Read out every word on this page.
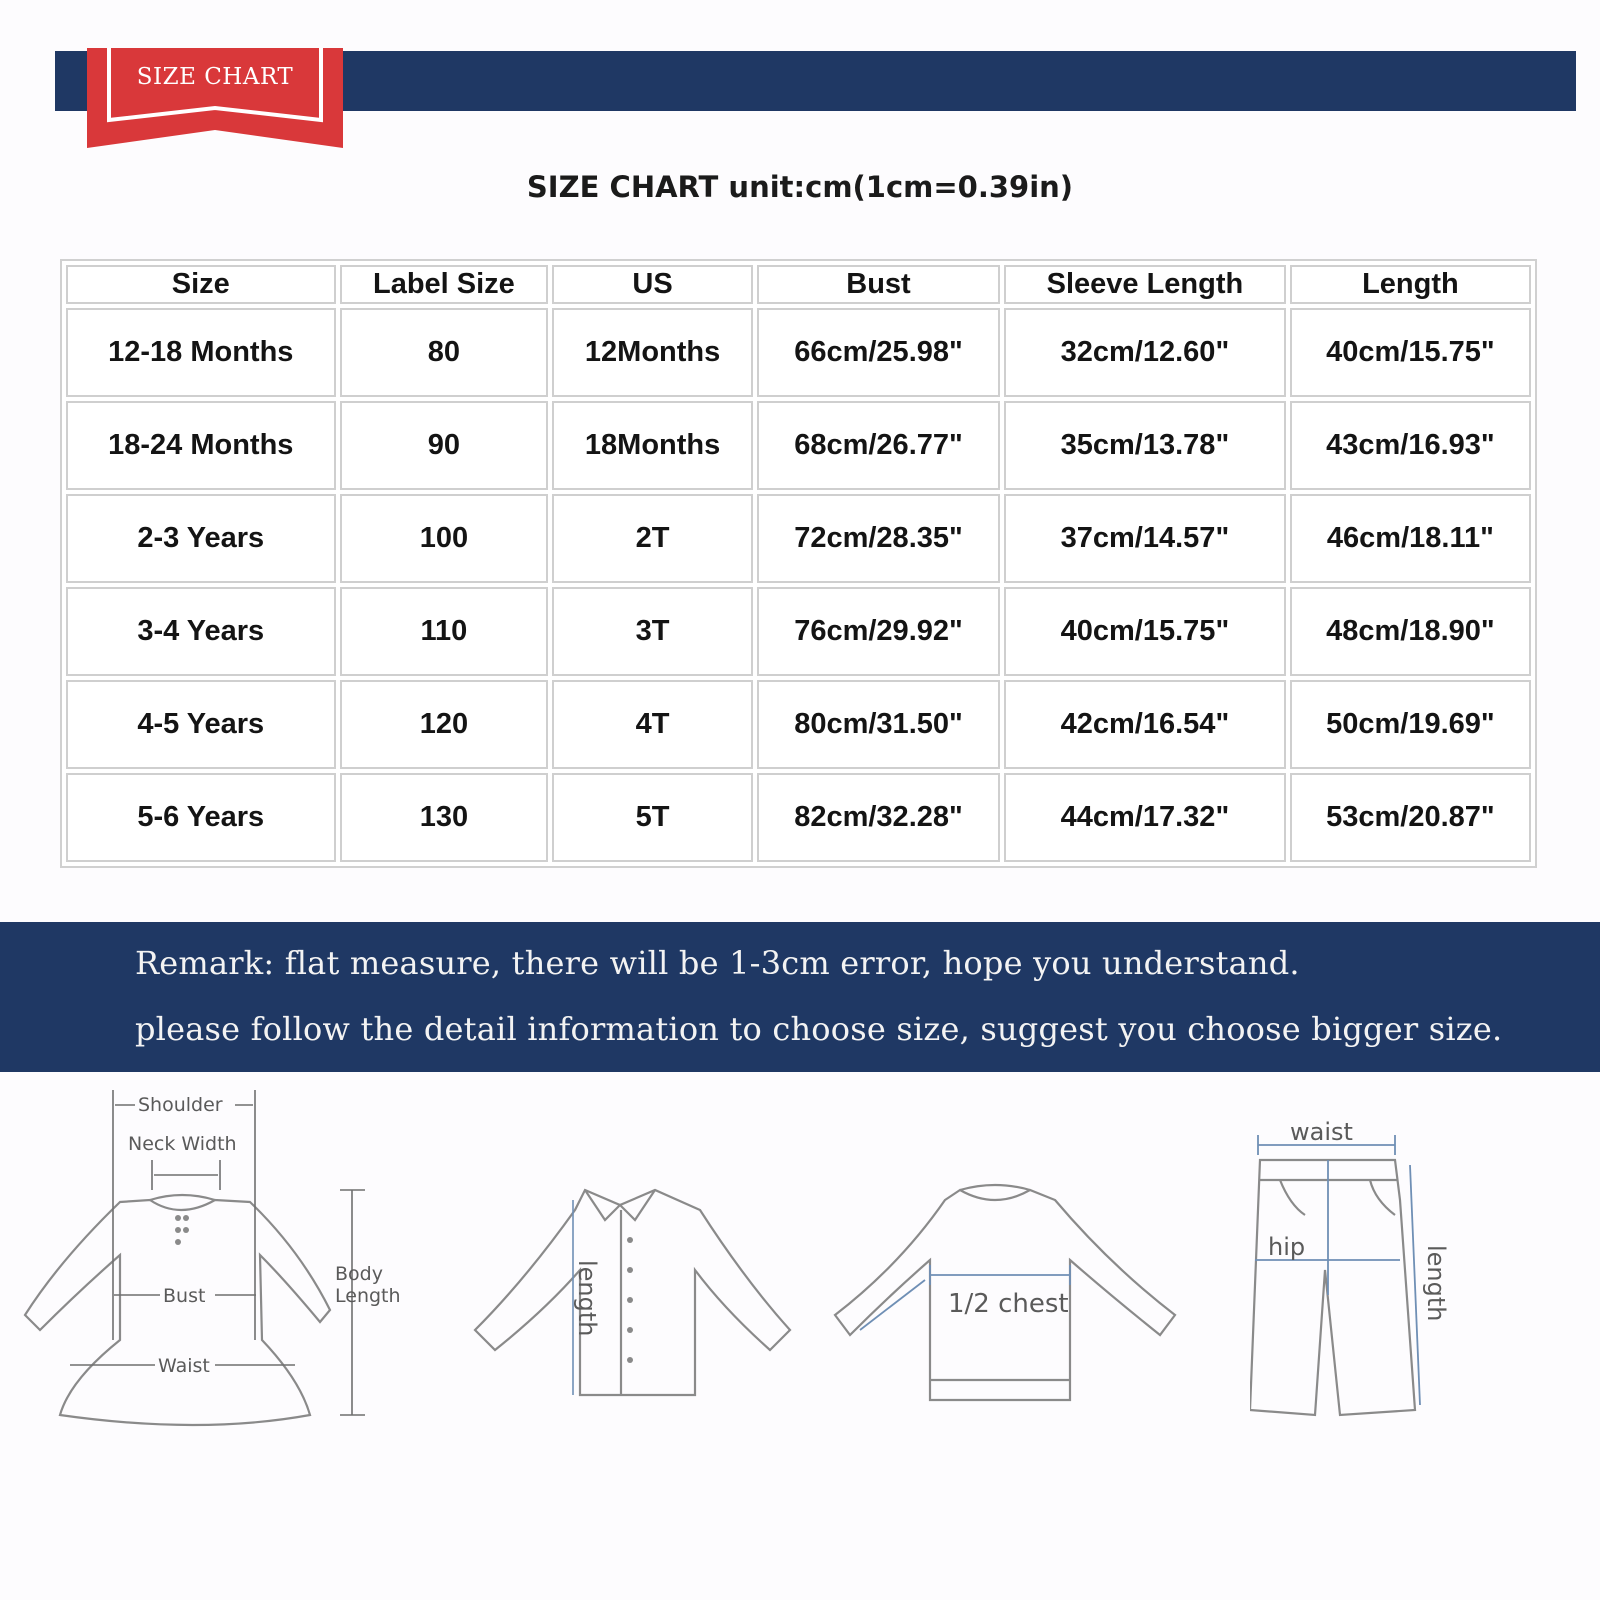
SIZE CHART
SIZE CHART unit:cm(1cm=0.39in)
Size	Label Size	US	Bust	Sleeve Length	Length
12-18 Months	80	12Months	66cm/25.98"	32cm/12.60"	40cm/15.75"
18-24 Months	90	18Months	68cm/26.77"	35cm/13.78"	43cm/16.93"
2-3 Years	100	2T	72cm/28.35"	37cm/14.57"	46cm/18.11"
3-4 Years	110	3T	76cm/29.92"	40cm/15.75"	48cm/18.90"
4-5 Years	120	4T	80cm/31.50"	42cm/16.54"	50cm/19.69"
5-6 Years	130	5T	82cm/32.28"	44cm/17.32"	53cm/20.87"
Remark: flat measure, there will be 1-3cm error, hope you understand.
please follow the detail information to choose size, suggest you choose bigger size.
Shoulder
Neck Width
Bust
Waist
Body
Length	length	1/2 chest
waist
hip	length
